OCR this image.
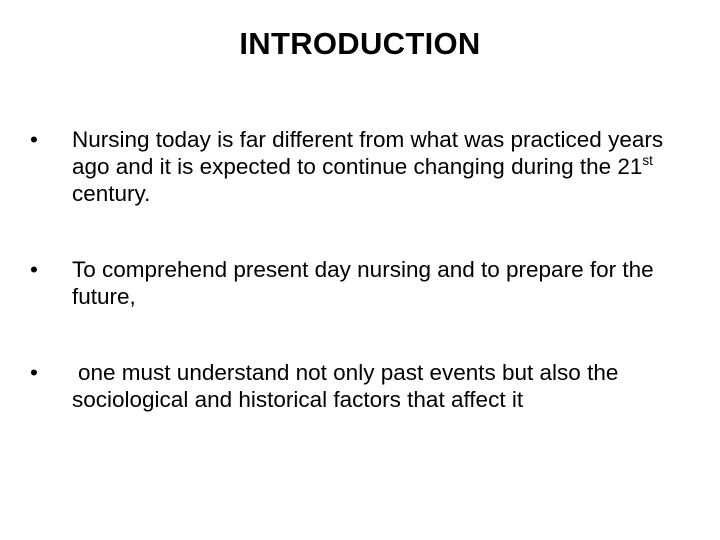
INTRODUCTION
•	Nursing today is far different from what was practiced years ago and it is expected to continue changing during the 21st century.
•	To comprehend present day nursing and to prepare for the future,
•	one must understand not only past events but also the sociological and historical factors that affect it
